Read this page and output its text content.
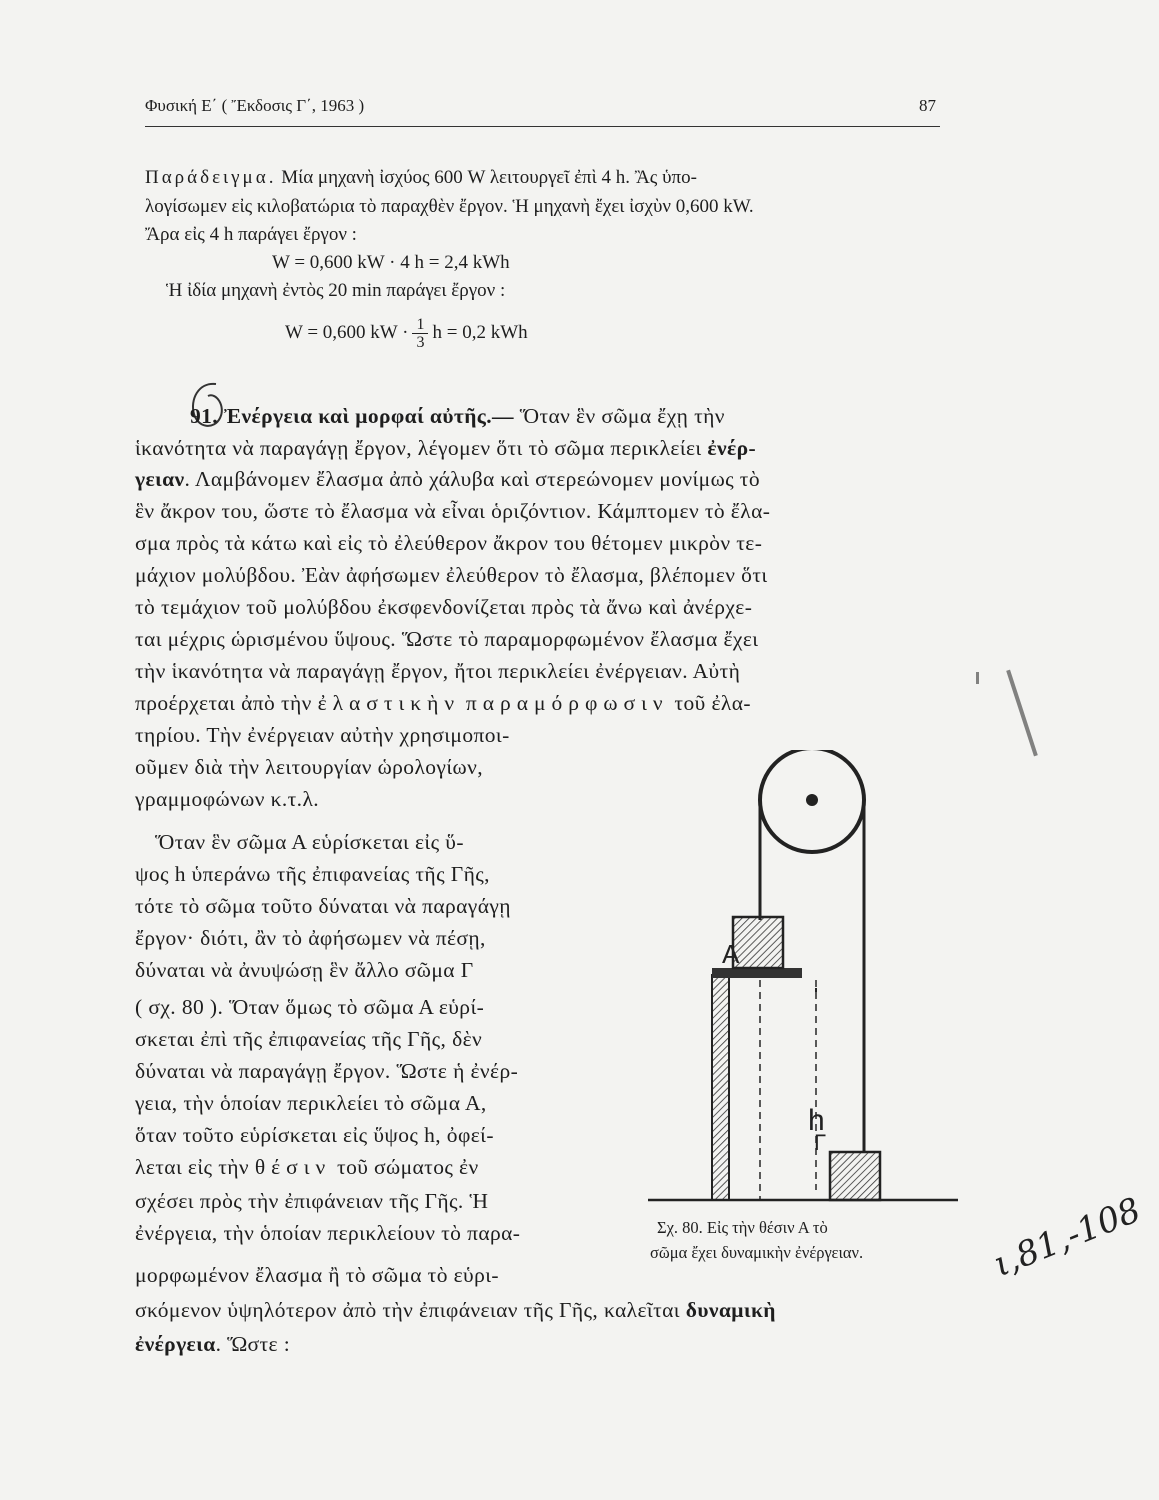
Φυσική Ε΄ ( Ἔκδοσις Γ΄, 1963 )	87
Παράδειγμα. Μία μηχανὴ ἰσχύος 600 W λειτουργεῖ ἐπὶ 4 h. Ἂς ὑπο-
λογίσωμεν εἰς κιλοβατώρια τὸ παραχθὲν ἔργον. Ἡ μηχανὴ ἔχει ἰσχὺν 0,600 kW.
Ἄρα εἰς 4 h παράγει ἔργον :
W = 0,600 kW · 4 h = 2,4 kWh
Ἡ ἰδία μηχανὴ ἐντὸς 20 min παράγει ἔργον :
W = 0,600 kW · $\frac{1}{3}$ h = 0,2 kWh
91. Ἐνέργεια καὶ μορφαί αὐτῆς.— Ὅταν ἓν σῶμα ἔχῃ τὴν
ἱκανότητα νὰ παραγάγῃ ἔργον, λέγομεν ὅτι τὸ σῶμα περικλείει ἐνέρ-
γειαν. Λαμβάνομεν ἔλασμα ἀπὸ χάλυβα καὶ στερεώνομεν μονίμως τὸ
ἓν ἄκρον του, ὥστε τὸ ἔλασμα νὰ εἶναι ὁριζόντιον. Κάμπτομεν τὸ ἔλα-
σμα πρὸς τὰ κάτω καὶ εἰς τὸ ἐλεύθερον ἄκρον του θέτομεν μικρὸν τε-
μάχιον μολύβδου. Ἐὰν ἀφήσωμεν ἐλεύθερον τὸ ἔλασμα, βλέπομεν ὅτι
τὸ τεμάχιον τοῦ μολύβδου ἐκσφενδονίζεται πρὸς τὰ ἄνω καὶ ἀνέρχε-
ται μέχρις ὡρισμένου ὕψους. Ὥστε τὸ παραμορφωμένον ἔλασμα ἔχει
τὴν ἱκανότητα νὰ παραγάγῃ ἔργον, ἤτοι περικλείει ἐνέργειαν. Αὐτὴ
προέρχεται ἀπὸ τὴν ἐλαστικὴν παραμόρφωσιν τοῦ ἐλα-
τηρίου. Τὴν ἐνέργειαν αὐτὴν χρησιμοποι-
οῦμεν διὰ τὴν λειτουργίαν ὡρολογίων,
γραμμοφώνων κ.τ.λ.
Ὅταν ἓν σῶμα Α εὑρίσκεται εἰς ὕ-
ψος h ὑπεράνω τῆς ἐπιφανείας τῆς Γῆς,
τότε τὸ σῶμα τοῦτο δύναται νὰ παραγάγῃ
ἔργον· διότι, ἂν τὸ ἀφήσωμεν νὰ πέσῃ,
δύναται νὰ ἀνυψώσῃ ἓν ἄλλο σῶμα Γ
( σχ. 80 ). Ὅταν ὅμως τὸ σῶμα Α εὑρί-
σκεται ἐπὶ τῆς ἐπιφανείας τῆς Γῆς, δὲν
δύναται νὰ παραγάγῃ ἔργον. Ὥστε ἡ ἐνέρ-
γεια, τὴν ὁποίαν περικλείει τὸ σῶμα Α,
ὅταν τοῦτο εὑρίσκεται εἰς ὕψος h, ὀφεί-
λεται εἰς τὴν θέσιν τοῦ σώματος ἐν
σχέσει πρὸς τὴν ἐπιφάνειαν τῆς Γῆς. Ἡ
ἐνέργεια, τὴν ὁποίαν περικλείουν τὸ παρα-
μορφωμένον ἔλασμα ἢ τὸ σῶμα τὸ εὑρι-
σκόμενον ὑψηλότερον ἀπὸ τὴν ἐπιφάνειαν τῆς Γῆς, καλεῖται δυναμικὴ
ἐνέργεια. Ὥστε :
Α
h
Γ
Σχ. 80. Εἰς τὴν θέσιν Α τὸ
σῶμα ἔχει δυναμικὴν ἐνέργειαν.	ι,81,-108
